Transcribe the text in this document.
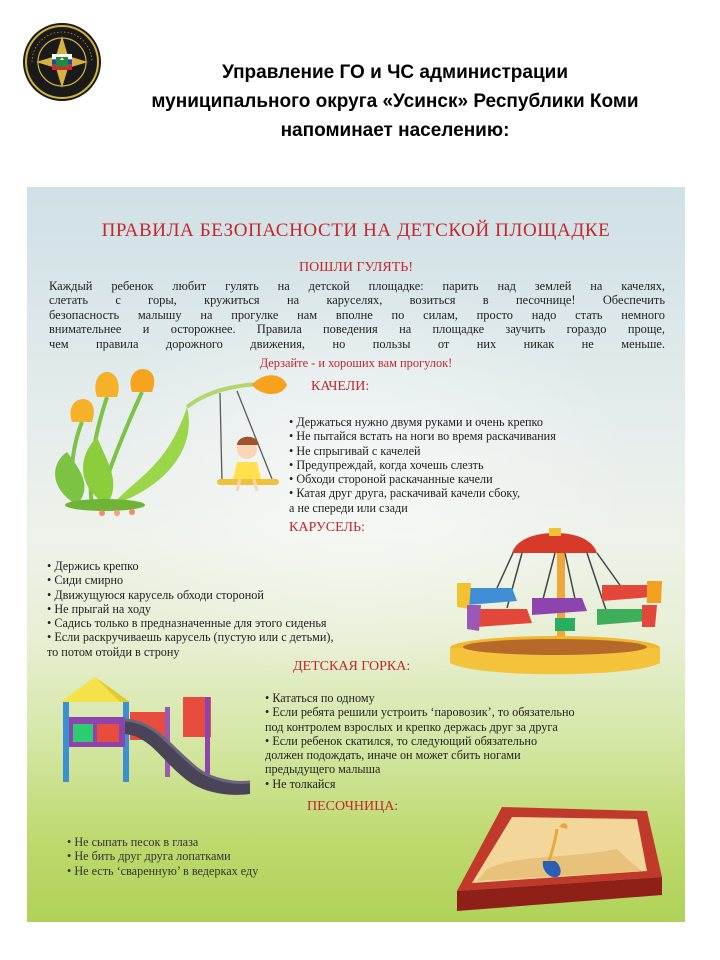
Управление ГО и ЧС администрации
муниципального округа «Усинск» Республики Коми
напоминает населению:
ПРАВИЛА БЕЗОПАСНОСТИ НА ДЕТСКОЙ ПЛОЩАДКЕ
ПОШЛИ ГУЛЯТЬ!
Каждый ребенок любит гулять на детской площадке: парить над землей на качелях,
слетать с горы, кружиться на каруселях, возиться в песочнице! Обеспечить
безопасность малышу на прогулке нам вполне по силам, просто надо стать немного
внимательнее и осторожнее. Правила поведения на площадке заучить гораздо проще,
чем правила дорожного движения, но пользы от них никак не меньше.
Дерзайте - и хороших вам прогулок!
КАЧЕЛИ:
• Держаться нужно двумя руками и очень крепко
• Не пытайся встать на ноги во время раскачивания
• Не спрыгивай с качелей
• Предупреждай, когда хочешь слезть
• Обходи стороной раскачанные качели
• Катая друг друга, раскачивай качели сбоку,
а не спереди или сзади
КАРУСЕЛЬ:
• Держись крепко
• Сиди смирно
• Движущуюся карусель обходи стороной
• Не прыгай на ходу
• Садись только в предназначенные для этого сиденья
• Если раскручиваешь карусель (пустую или с детьми),
то потом отойди в строну
ДЕТСКАЯ ГОРКА:
• Кататься по одному
• Если ребята решили устроить ‘паровозик’, то обязательно
под контролем взрослых и крепко держась друг за друга
• Если ребенок скатился, то следующий обязательно
должен подождать, иначе он может сбить ногами
предыдущего малыша
• Не толкайся
ПЕСОЧНИЦА:
• Не сыпать песок в глаза
• Не бить друг друга лопатками
• Не есть ‘сваренную’ в ведерках еду
